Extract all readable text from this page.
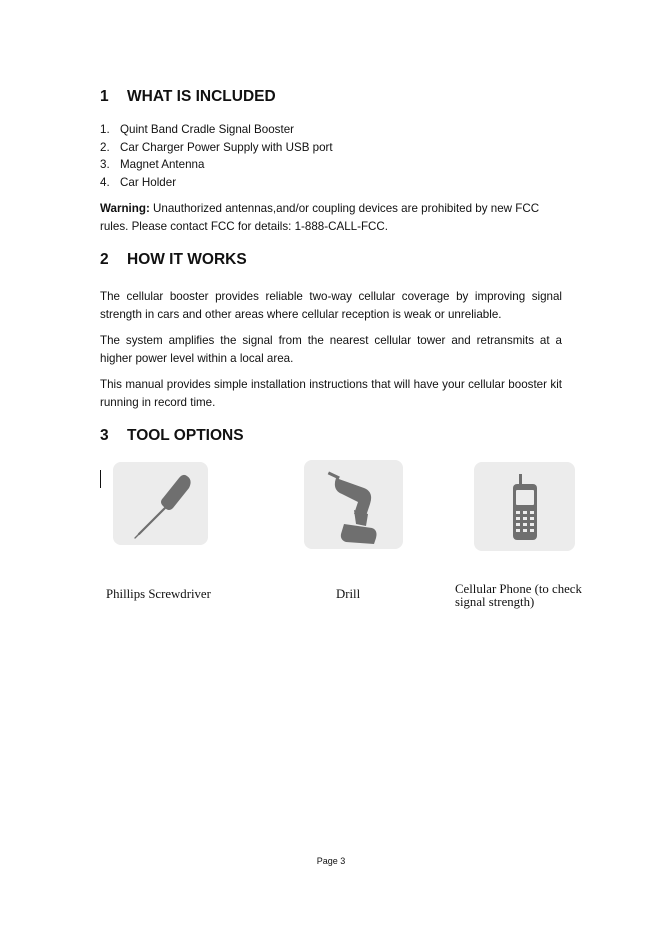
1 WHAT IS INCLUDED
1. Quint Band Cradle Signal Booster
2. Car Charger Power Supply with USB port
3. Magnet Antenna
4. Car Holder

Warning: Unauthorized antennas,and/or coupling devices are prohibited by new FCC rules. Please contact FCC for details: 1-888-CALL-FCC.

2 HOW IT WORKS

The cellular booster provides reliable two-way cellular coverage by improving signal strength in cars and other areas where cellular reception is weak or unreliable.

The system amplifies the signal from the nearest cellular tower and retransmits at a higher power level within a local area.

This manual provides simple installation instructions that will have your cellular booster kit running in record time.

3 TOOL OPTIONS
Phillips Screwdriver	Drill	Cellular Phone (to check signal strength)
Page 3
